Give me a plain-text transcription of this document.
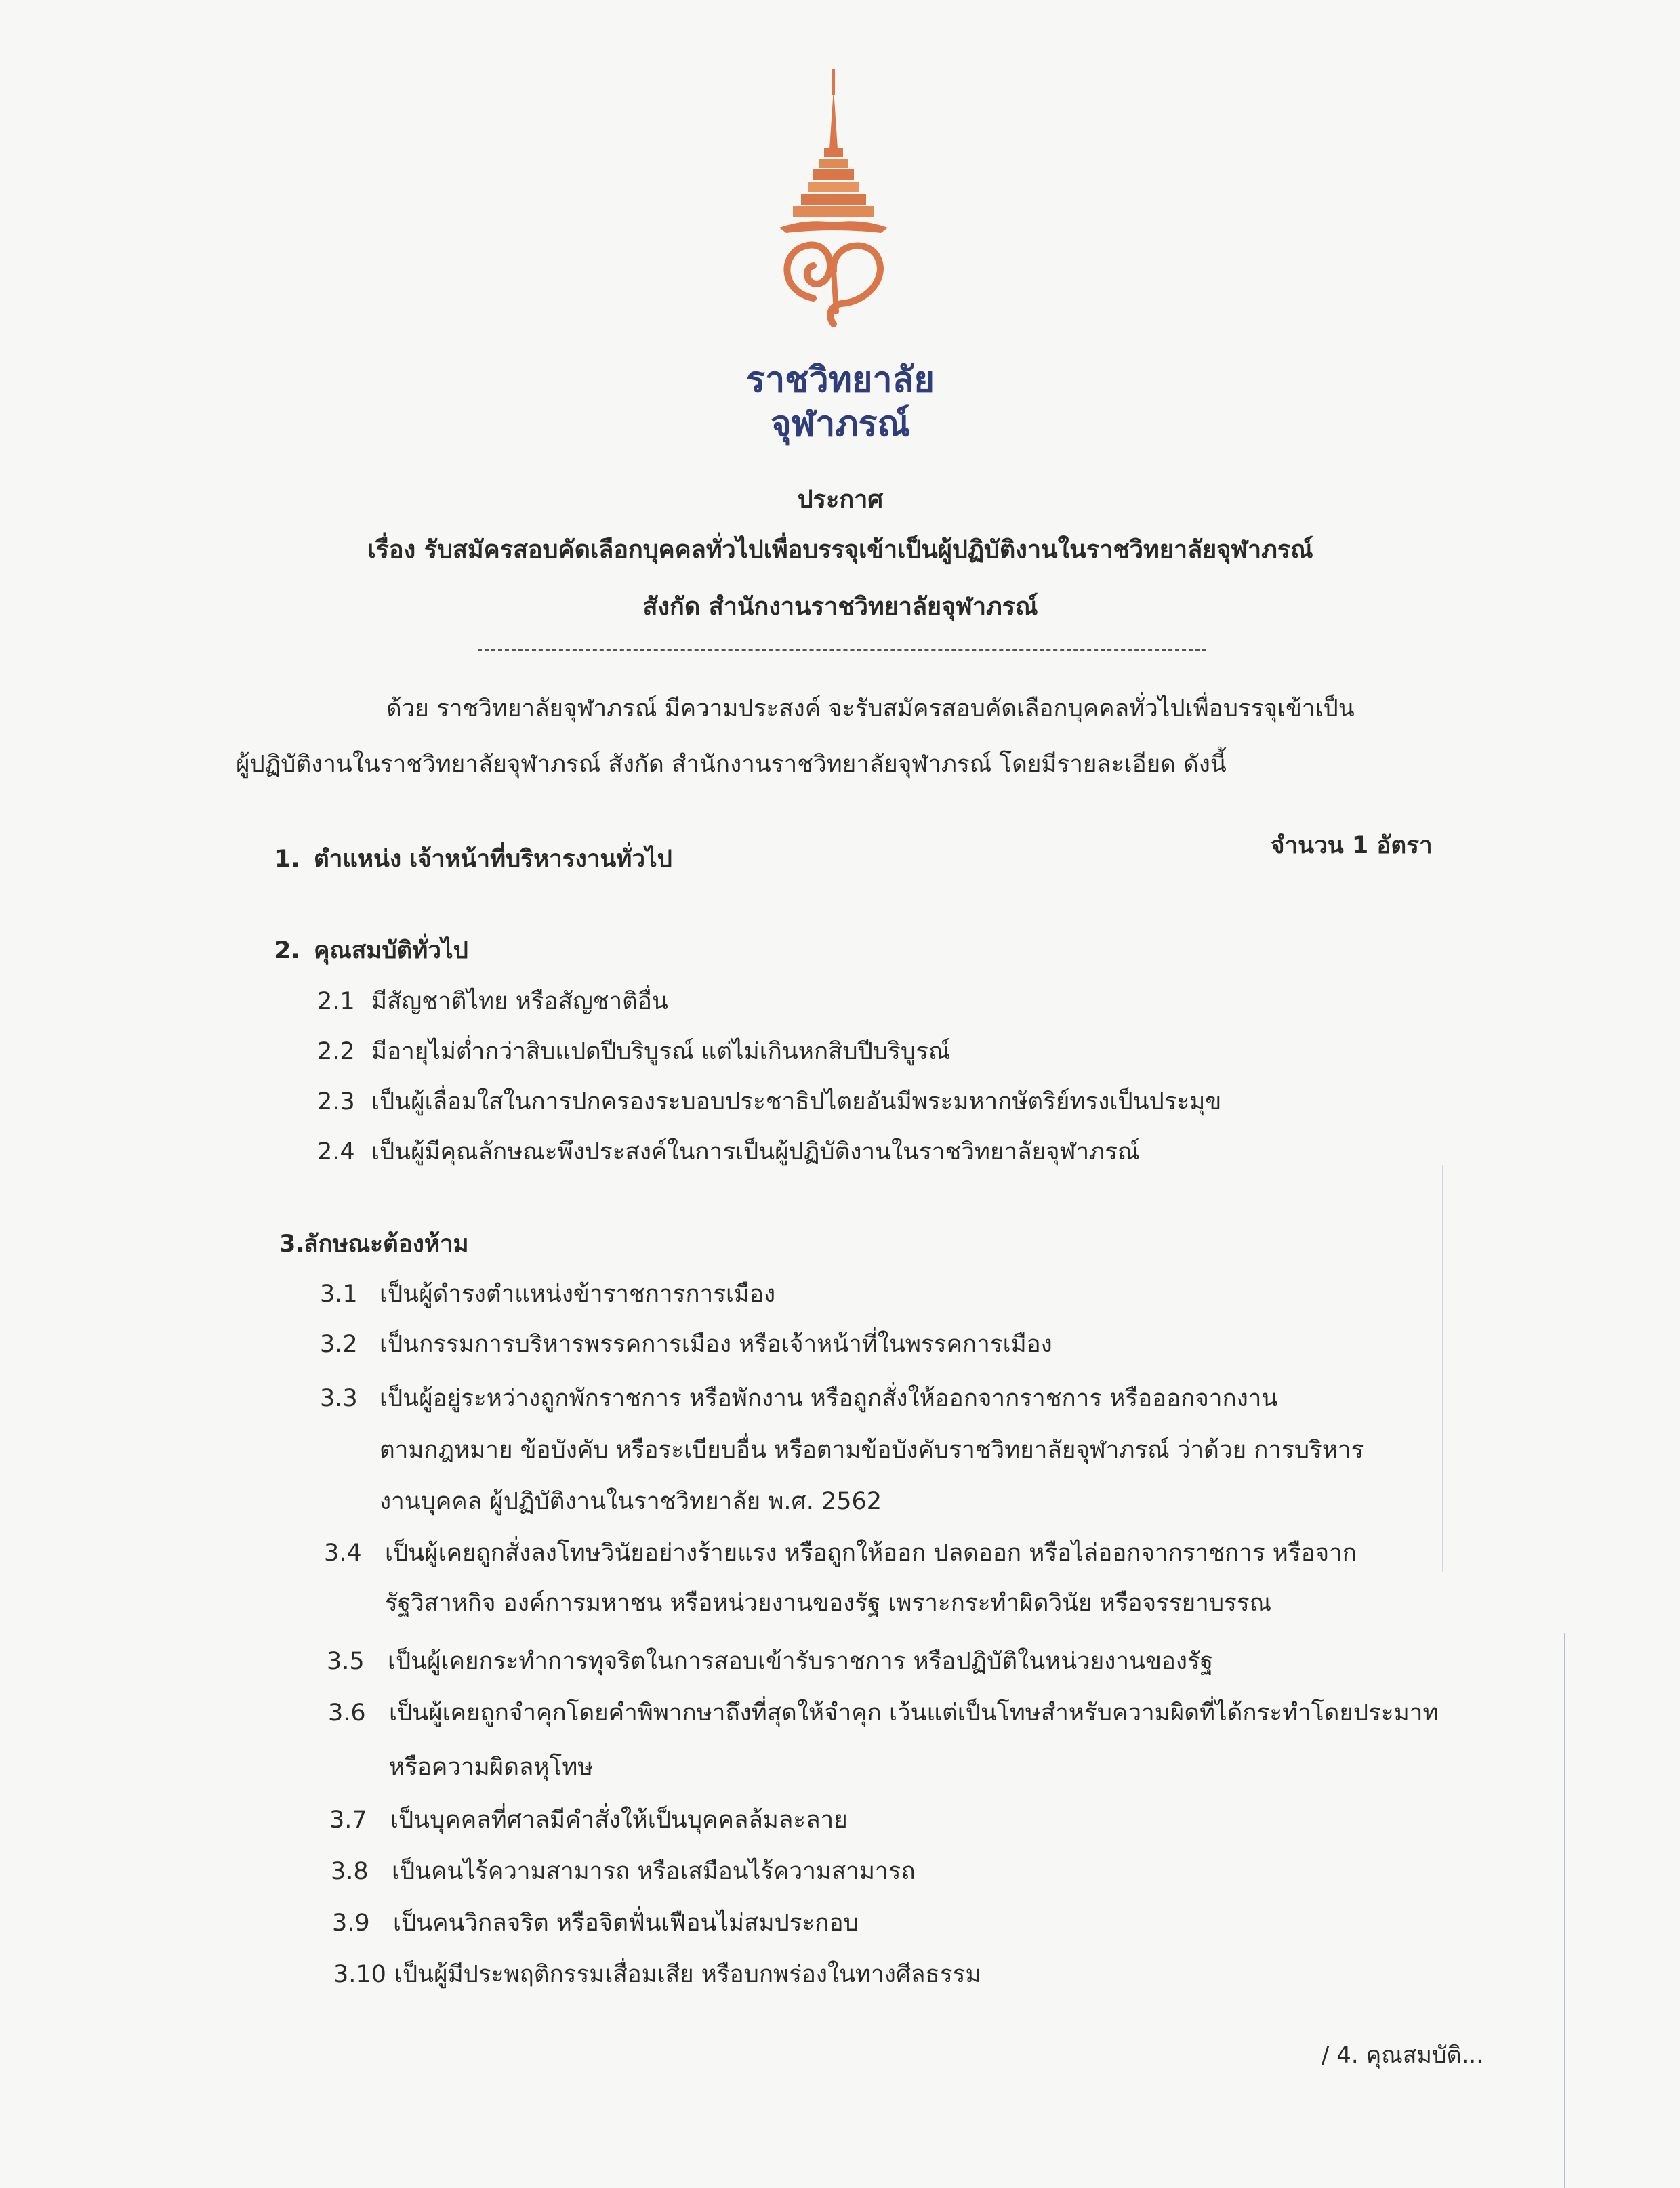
ราชวิทยาลัย
จุฬาภรณ์
ประกาศ
เรื่อง รับสมัครสอบคัดเลือกบุคคลทั่วไปเพื่อบรรจุเข้าเป็นผู้ปฏิบัติงานในราชวิทยาลัยจุฬาภรณ์
สังกัด สำนักงานราชวิทยาลัยจุฬาภรณ์
ด้วย ราชวิทยาลัยจุฬาภรณ์ มีความประสงค์ จะรับสมัครสอบคัดเลือกบุคคลทั่วไปเพื่อบรรจุเข้าเป็น
ผู้ปฏิบัติงานในราชวิทยาลัยจุฬาภรณ์ สังกัด สำนักงานราชวิทยาลัยจุฬาภรณ์ โดยมีรายละเอียด ดังนี้
1. ตำแหน่ง เจ้าหน้าที่บริหารงานทั่วไป	จำนวน 1 อัตรา
2. คุณสมบัติทั่วไป
2.1 มีสัญชาติไทย หรือสัญชาติอื่น
2.2 มีอายุไม่ต่ำกว่าสิบแปดปีบริบูรณ์ แต่ไม่เกินหกสิบปีบริบูรณ์
2.3 เป็นผู้เลื่อมใสในการปกครองระบอบประชาธิปไตยอันมีพระมหากษัตริย์ทรงเป็นประมุข
2.4 เป็นผู้มีคุณลักษณะพึงประสงค์ในการเป็นผู้ปฏิบัติงานในราชวิทยาลัยจุฬาภรณ์
3.ลักษณะต้องห้าม
3.1 เป็นผู้ดำรงตำแหน่งข้าราชการการเมือง
3.2 เป็นกรรมการบริหารพรรคการเมือง หรือเจ้าหน้าที่ในพรรคการเมือง
3.3 เป็นผู้อยู่ระหว่างถูกพักราชการ หรือพักงาน หรือถูกสั่งให้ออกจากราชการ หรือออกจากงาน
ตามกฎหมาย ข้อบังคับ หรือระเบียบอื่น หรือตามข้อบังคับราชวิทยาลัยจุฬาภรณ์ ว่าด้วย การบริหาร
งานบุคคล ผู้ปฏิบัติงานในราชวิทยาลัย พ.ศ. 2562
3.4 เป็นผู้เคยถูกสั่งลงโทษวินัยอย่างร้ายแรง หรือถูกให้ออก ปลดออก หรือไล่ออกจากราชการ หรือจาก
รัฐวิสาหกิจ องค์การมหาชน หรือหน่วยงานของรัฐ เพราะกระทำผิดวินัย หรือจรรยาบรรณ
3.5 เป็นผู้เคยกระทำการทุจริตในการสอบเข้ารับราชการ หรือปฏิบัติในหน่วยงานของรัฐ
3.6 เป็นผู้เคยถูกจำคุกโดยคำพิพากษาถึงที่สุดให้จำคุก เว้นแต่เป็นโทษสำหรับความผิดที่ได้กระทำโดยประมาท
หรือความผิดลหุโทษ
3.7 เป็นบุคคลที่ศาลมีคำสั่งให้เป็นบุคคลล้มละลาย
3.8 เป็นคนไร้ความสามารถ หรือเสมือนไร้ความสามารถ
3.9 เป็นคนวิกลจริต หรือจิตฟั่นเฟือนไม่สมประกอบ
3.10 เป็นผู้มีประพฤติกรรมเสื่อมเสีย หรือบกพร่องในทางศีลธรรม
/ 4. คุณสมบัติ...
